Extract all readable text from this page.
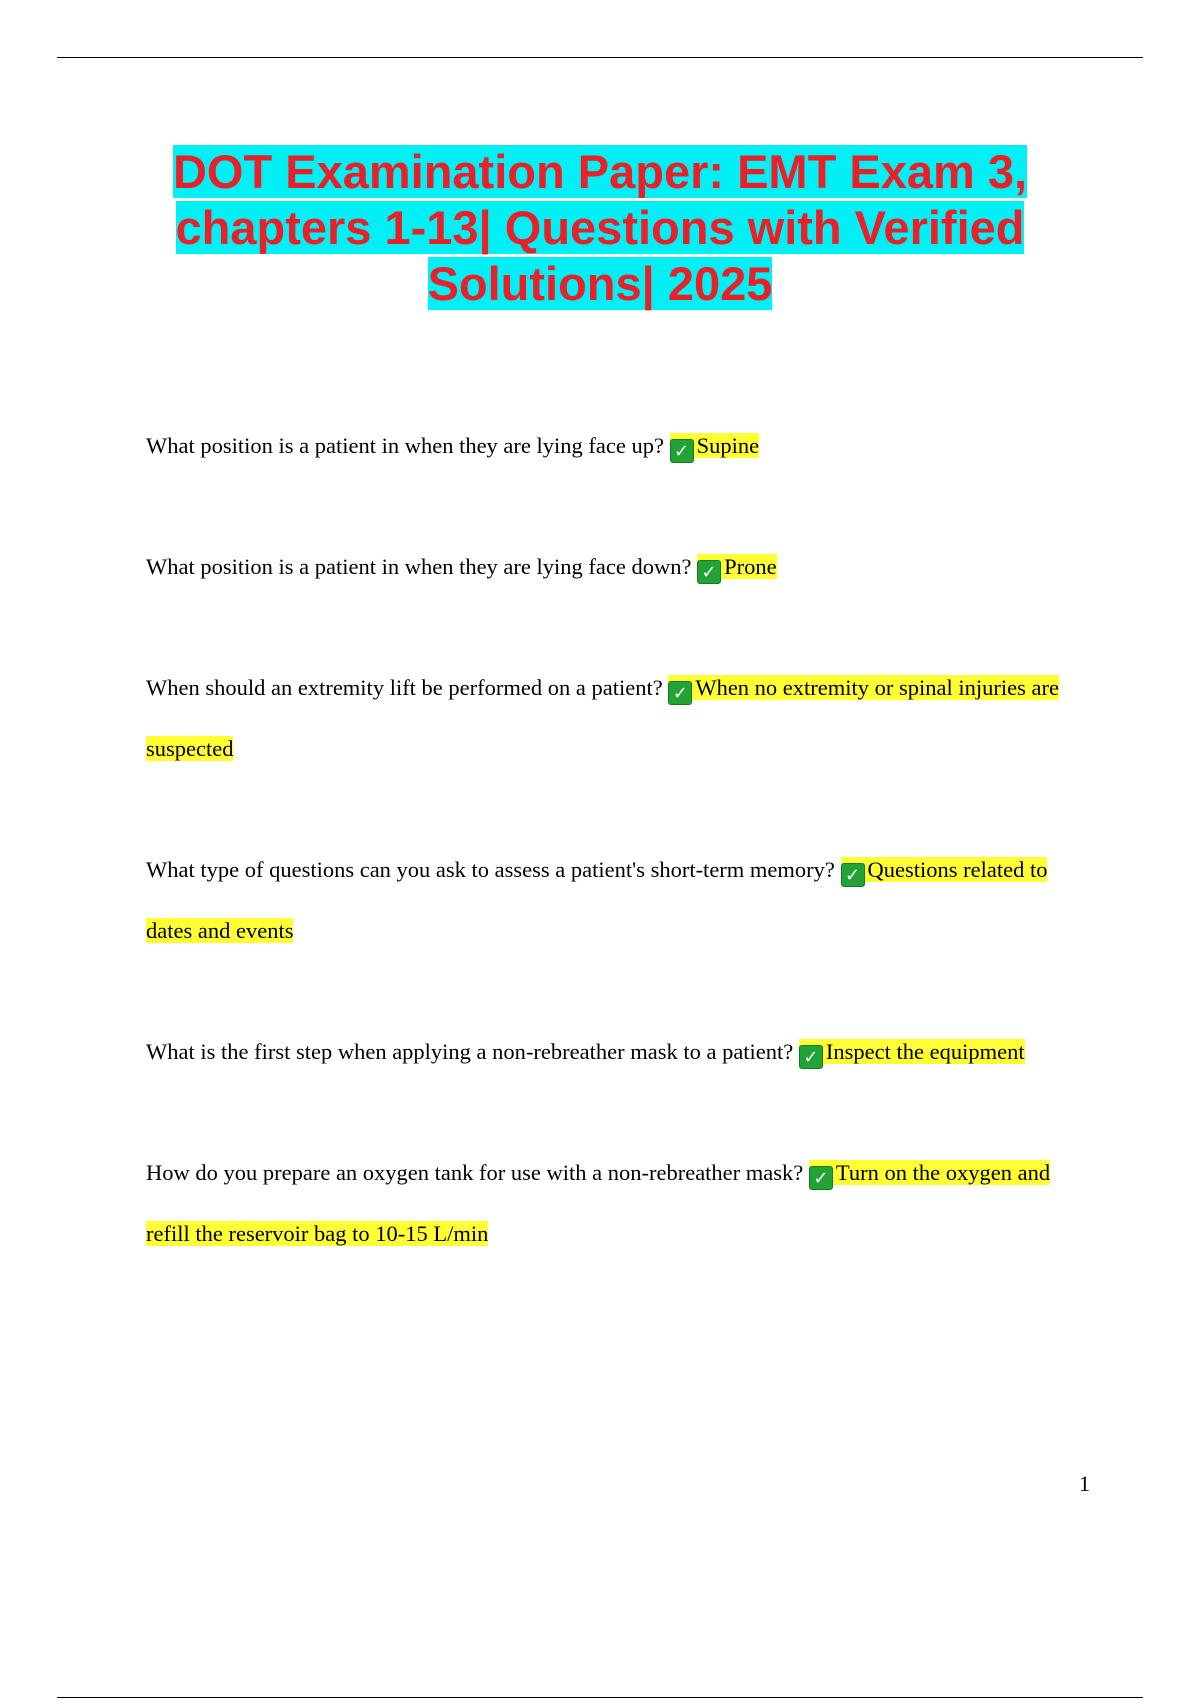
DOT Examination Paper: EMT Exam 3, chapters 1-13| Questions with Verified Solutions| 2025

What position is a patient in when they are lying face up? ✓ Supine

What position is a patient in when they are lying face down? ✓ Prone

When should an extremity lift be performed on a patient? ✓ When no extremity or spinal injuries are suspected

What type of questions can you ask to assess a patient's short-term memory? ✓ Questions related to dates and events

What is the first step when applying a non-rebreather mask to a patient? ✓ Inspect the equipment

How do you prepare an oxygen tank for use with a non-rebreather mask? ✓ Turn on the oxygen and refill the reservoir bag to 10-15 L/min

1
